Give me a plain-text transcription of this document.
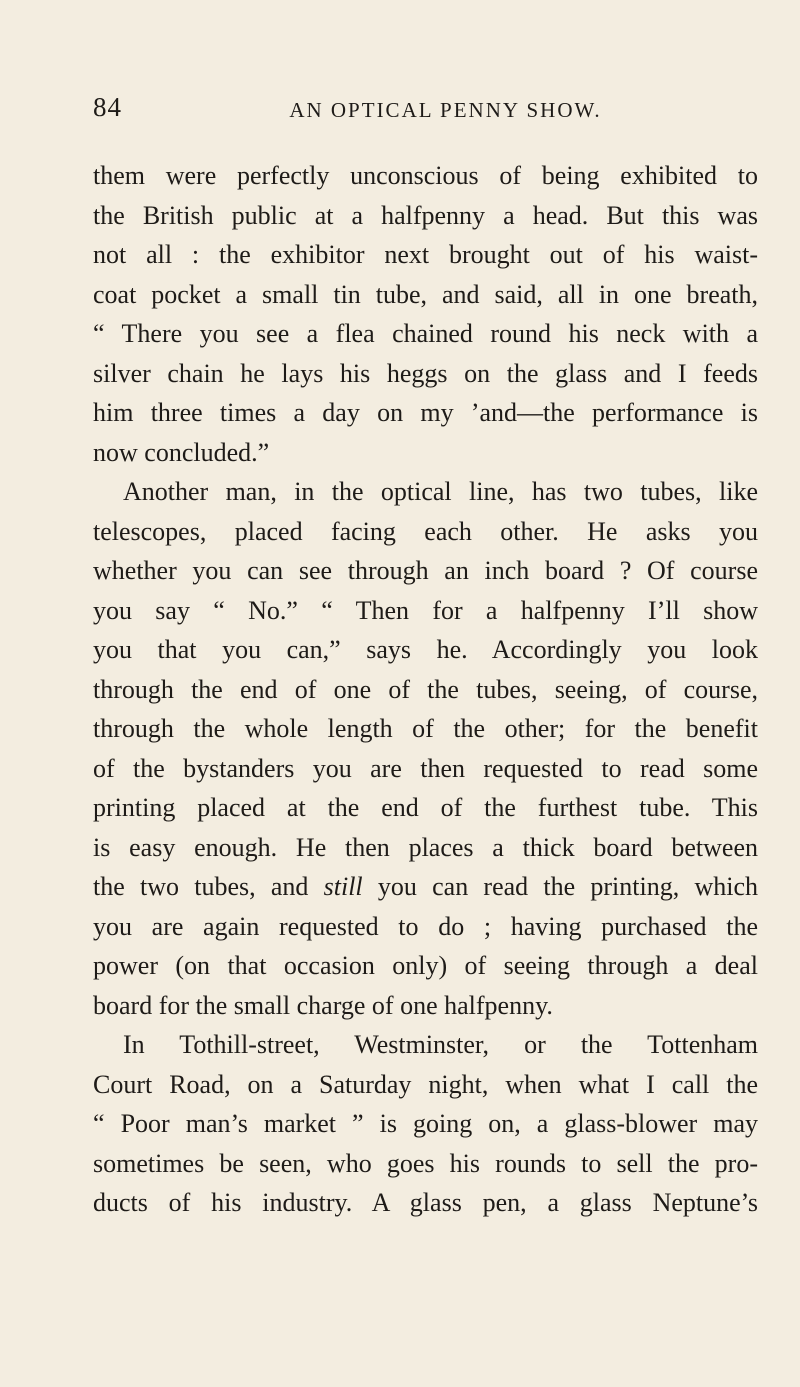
84	AN OPTICAL PENNY SHOW.
them were perfectly unconscious of being exhibited to
the British public at a halfpenny a head. But this was
not all : the exhibitor next brought out of his waist-
coat pocket a small tin tube, and said, all in one breath,
“ There you see a flea chained round his neck with a
silver chain he lays his heggs on the glass and I feeds
him three times a day on my ’and—the performance is
now concluded.”
Another man, in the optical line, has two tubes, like
telescopes, placed facing each other. He asks you
whether you can see through an inch board ? Of course
you say “ No.” “ Then for a halfpenny I’ll show
you that you can,” says he. Accordingly you look
through the end of one of the tubes, seeing, of course,
through the whole length of the other; for the benefit
of the bystanders you are then requested to read some
printing placed at the end of the furthest tube. This
is easy enough. He then places a thick board between
the two tubes, and still you can read the printing, which
you are again requested to do ; having purchased the
power (on that occasion only) of seeing through a deal
board for the small charge of one halfpenny.
In Tothill-street, Westminster, or the Tottenham
Court Road, on a Saturday night, when what I call the
“ Poor man’s market ” is going on, a glass-blower may
sometimes be seen, who goes his rounds to sell the pro-
ducts of his industry. A glass pen, a glass Neptune’s
